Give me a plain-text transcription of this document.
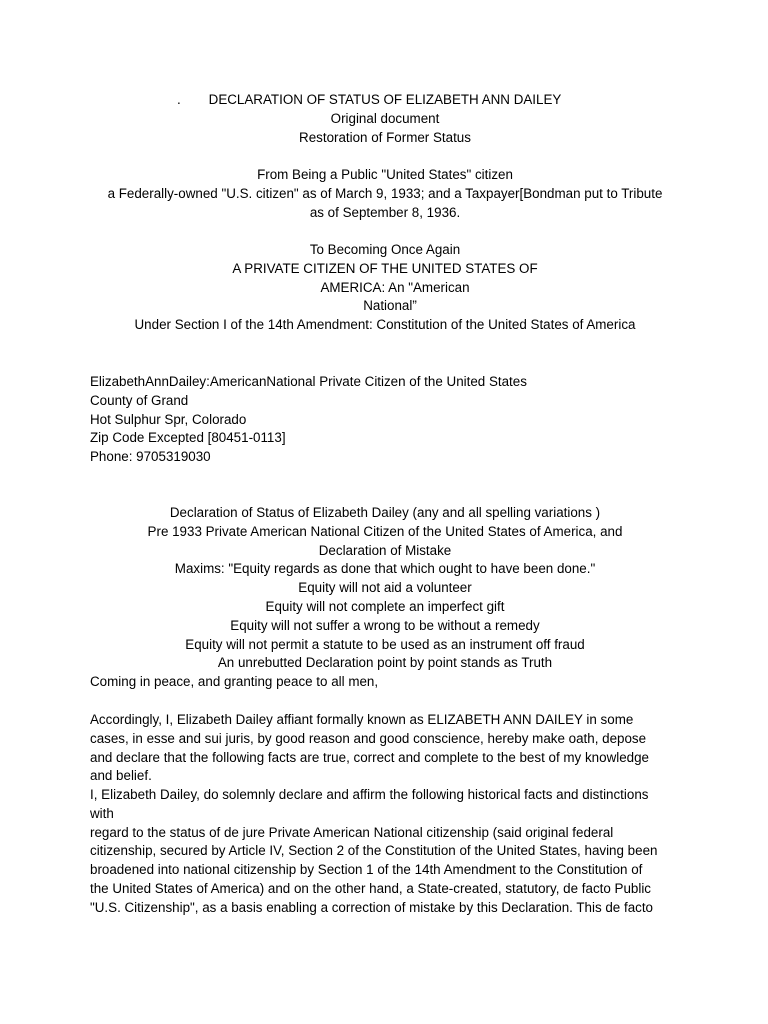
. DECLARATION OF STATUS OF ELIZABETH ANN DAILEY
Original document
Restoration of Former Status
From Being a Public "United States" citizen
a Federally-owned "U.S. citizen" as of March 9, 1933; and a Taxpayer[Bondman put to Tribute
as of September 8, 1936.
To Becoming Once Again
A PRIVATE CITIZEN OF THE UNITED STATES OF
AMERICA: An "American
National”
Under Section I of the 14th Amendment: Constitution of the United States of America
ElizabethAnnDailey:AmericanNational Private Citizen of the United States
County of Grand
Hot Sulphur Spr, Colorado
Zip Code Excepted [80451-0113]
Phone: 9705319030
Declaration of Status of Elizabeth Dailey (any and all spelling variations )
Pre 1933 Private American National Citizen of the United States of America, and
Declaration of Mistake
Maxims: "Equity regards as done that which ought to have been done."
Equity will not aid a volunteer
Equity will not complete an imperfect gift
Equity will not suffer a wrong to be without a remedy
Equity will not permit a statute to be used as an instrument off fraud
An unrebutted Declaration point by point stands as Truth
Coming in peace, and granting peace to all men,
Accordingly, I, Elizabeth Dailey affiant formally known as ELIZABETH ANN DAILEY in some
cases, in esse and sui juris, by good reason and good conscience, hereby make oath, depose
and declare that the following facts are true, correct and complete to the best of my knowledge
and belief.
I, Elizabeth Dailey, do solemnly declare and affirm the following historical facts and distinctions
with
regard to the status of de jure Private American National citizenship (said original federal
citizenship, secured by Article IV, Section 2 of the Constitution of the United States, having been
broadened into national citizenship by Section 1 of the 14th Amendment to the Constitution of
the United States of America) and on the other hand, a State-created, statutory, de facto Public
"U.S. Citizenship", as a basis enabling a correction of mistake by this Declaration. This de facto
